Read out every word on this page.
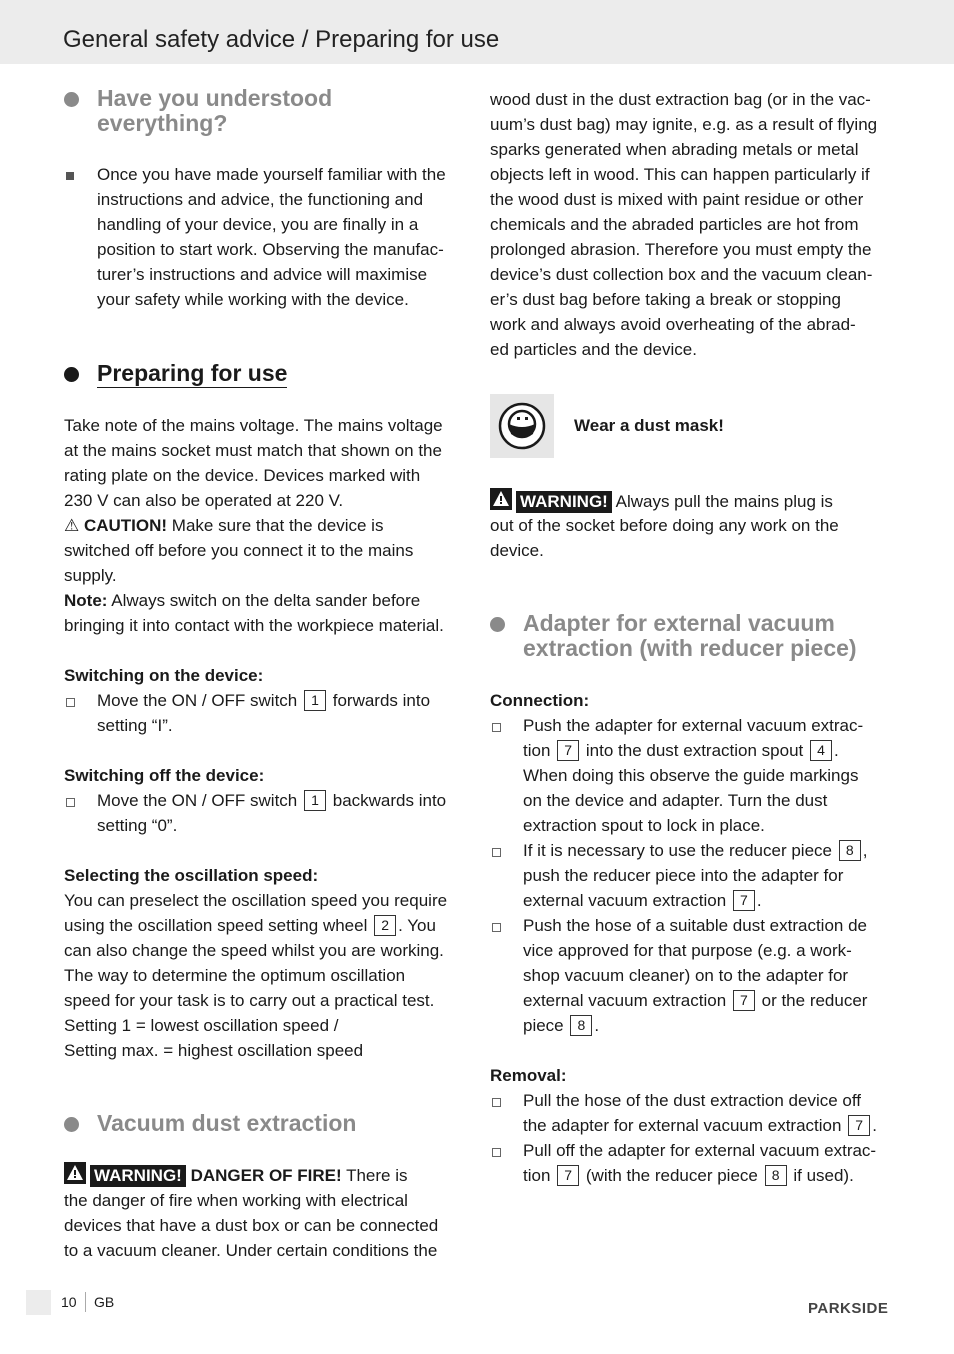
General safety advice / Preparing for use
Have you understood
everything?
Once you have made yourself familiar with the
instructions and advice, the functioning and
handling of your device, you are finally in a
position to start work. Observing the manufac-
turer’s instructions and advice will maximise
your safety while working with the device.
Preparing for use
Take note of the mains voltage. The mains voltage
at the mains socket must match that shown on the
rating plate on the device. Devices marked with
230 V can also be operated at 220 V.
⚠ CAUTION! Make sure that the device is
switched off before you connect it to the mains
supply.
Note: Always switch on the delta sander before
bringing it into contact with the workpiece material.
Switching on the device:
Move the ON / OFF switch 1 forwards into
setting “I”.
Switching off the device:
Move the ON / OFF switch 1 backwards into
setting “0”.
Selecting the oscillation speed:
You can preselect the oscillation speed you require
using the oscillation speed setting wheel 2 . You
can also change the speed whilst you are working.
The way to determine the optimum oscillation
speed for your task is to carry out a practical test.
Setting 1 = lowest oscillation speed /
Setting max. = highest oscillation speed
Vacuum dust extraction
WARNING! DANGER OF FIRE! There is
the danger of fire when working with electrical
devices that have a dust box or can be connected
to a vacuum cleaner. Under certain conditions the
wood dust in the dust extraction bag (or in the vac-
uum’s dust bag) may ignite, e.g. as a result of flying
sparks generated when abrading metals or metal
objects left in wood. This can happen particularly if
the wood dust is mixed with paint residue or other
chemicals and the abraded particles are hot from
prolonged abrasion. Therefore you must empty the
device’s dust collection box and the vacuum clean-
er’s dust bag before taking a break or stopping
work and always avoid overheating of the abrad-
ed particles and the device.
Wear a dust mask!
WARNING! Always pull the mains plug is
out of the socket before doing any work on the
device.
Adapter for external vacuum
extraction (with reducer piece)
Connection:
Push the adapter for external vacuum extrac-
tion 7 into the dust extraction spout 4 .
When doing this observe the guide markings
on the device and adapter. Turn the dust
extraction spout to lock in place.
If it is necessary to use the reducer piece 8 ,
push the reducer piece into the adapter for
external vacuum extraction 7 .
Push the hose of a suitable dust extraction de
vice approved for that purpose (e.g. a work-
shop vacuum cleaner) on to the adapter for
external vacuum extraction 7 or the reducer
piece 8 .
Removal:
Pull the hose of the dust extraction device off
the adapter for external vacuum extraction 7 .
Pull off the adapter for external vacuum extrac-
tion 7 (with the reducer piece 8 if used).
10 GB	PARKSIDE
